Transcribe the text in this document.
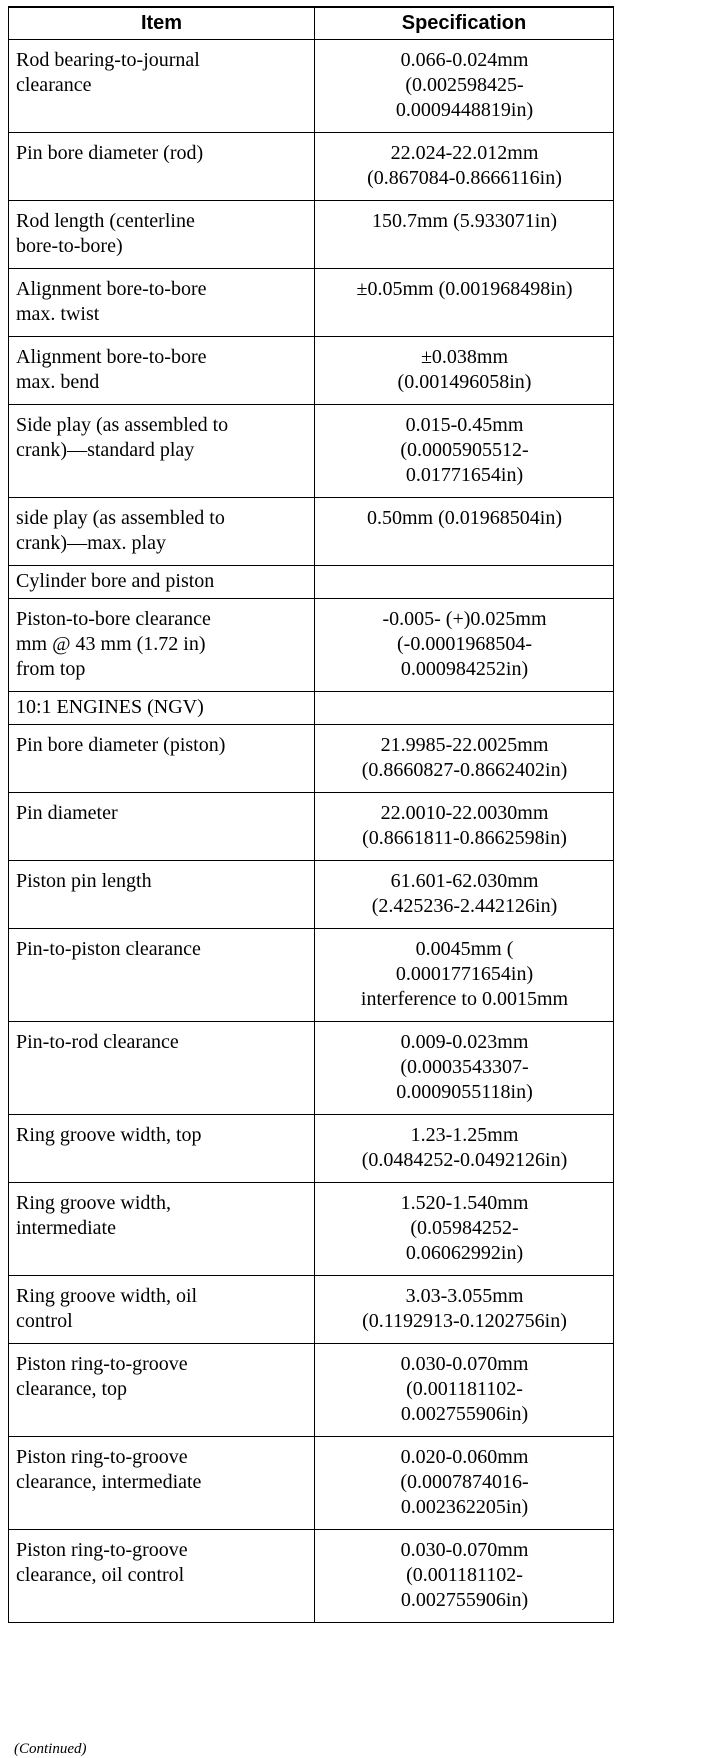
Item	Specification

Rod bearing-to-journal
clearance	0.066-0.024mm
(0.002598425-
0.0009448819in)

Pin bore diameter (rod)	22.024-22.012mm
(0.867084-0.8666116in)

Rod length (centerline
bore-to-bore)	150.7mm (5.933071in)

Alignment bore-to-bore
max. twist	±0.05mm (0.001968498in)

Alignment bore-to-bore
max. bend	±0.038mm
(0.001496058in)

Side play (as assembled to
crank)—standard play	0.015-0.45mm
(0.0005905512-
0.01771654in)

side play (as assembled to
crank)—max. play	0.50mm (0.01968504in)

Cylinder bore and piston	

Piston-to-bore clearance
mm @ 43 mm (1.72 in)
from top	-0.005- (+)0.025mm
(-0.0001968504-
0.000984252in)

10:1 ENGINES (NGV)	

Pin bore diameter (piston)	21.9985-22.0025mm
(0.8660827-0.8662402in)

Pin diameter	22.0010-22.0030mm
(0.8661811-0.8662598in)

Piston pin length	61.601-62.030mm
(2.425236-2.442126in)

Pin-to-piston clearance	0.0045mm (
0.0001771654in)
interference to 0.0015mm

Pin-to-rod clearance	0.009-0.023mm
(0.0003543307-
0.0009055118in)

Ring groove width, top	1.23-1.25mm
(0.0484252-0.0492126in)

Ring groove width,
intermediate	1.520-1.540mm
(0.05984252-
0.06062992in)

Ring groove width, oil
control	3.03-3.055mm
(0.1192913-0.1202756in)

Piston ring-to-groove
clearance, top	0.030-0.070mm
(0.001181102-
0.002755906in)

Piston ring-to-groove
clearance, intermediate	0.020-0.060mm
(0.0007874016-
0.002362205in)

Piston ring-to-groove
clearance, oil control	0.030-0.070mm
(0.001181102-
0.002755906in)
(Continued)
